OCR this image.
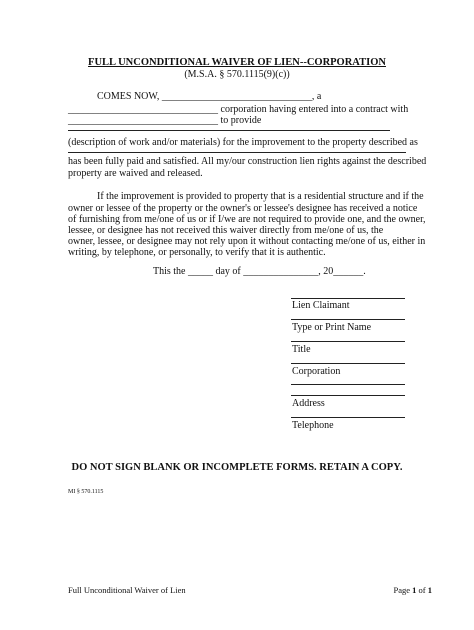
FULL UNCONDITIONAL WAIVER OF LIEN--CORPORATION
(M.S.A. § 570.1115(9)(c))
COMES NOW, ______________________________, a
______________________________ corporation having entered into a contract with
______________________________ to provide
(description of work and/or materials) for the improvement to the property described as
has been fully paid and satisfied. All my/our construction lien rights against the described
property are waived and released.
If the improvement is provided to property that is a residential structure and if the
owner or lessee of the property or the owner's or lessee's designee has received a notice
of furnishing from me/one of us or if I/we are not required to provide one, and the owner,
lessee, or designee has not received this waiver directly from me/one of us, the
owner, lessee, or designee may not rely upon it without contacting me/one of us, either in
writing, by telephone, or personally, to verify that it is authentic.
This the _____ day of _______________, 20______.
Lien Claimant
Type or Print Name
Title
Corporation
Address
Telephone
DO NOT SIGN BLANK OR INCOMPLETE FORMS. RETAIN A COPY.
MI § 570.1115
Full Unconditional Waiver of Lien	Page 1 of 1
